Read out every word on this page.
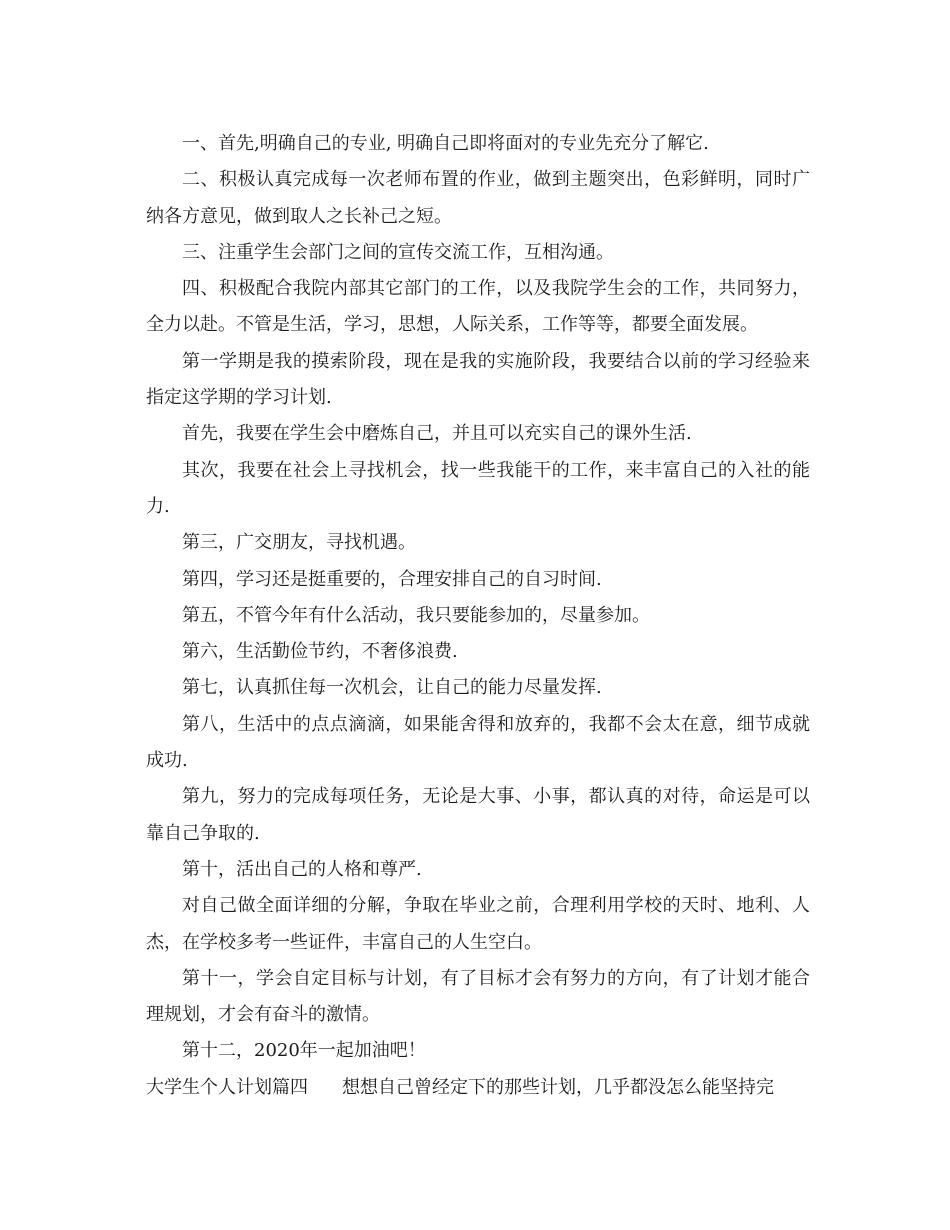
一、首先,明确自己的专业, 明确自己即将面对的专业先充分了解它.

二、积极认真完成每一次老师布置的作业，做到主题突出，色彩鲜明，同时广纳各方意见，做到取人之长补己之短。

三、注重学生会部门之间的宣传交流工作，互相沟通。

四、积极配合我院内部其它部门的工作，以及我院学生会的工作，共同努力，全力以赴。不管是生活，学习，思想，人际关系，工作等等，都要全面发展。

第一学期是我的摸索阶段，现在是我的实施阶段，我要结合以前的学习经验来指定这学期的学习计划.

首先，我要在学生会中磨炼自己，并且可以充实自己的课外生活.

其次，我要在社会上寻找机会，找一些我能干的工作，来丰富自己的入社的能力.

第三，广交朋友，寻找机遇。

第四，学习还是挺重要的，合理安排自己的自习时间.

第五，不管今年有什么活动，我只要能参加的，尽量参加。

第六，生活勤俭节约，不奢侈浪费.

第七，认真抓住每一次机会，让自己的能力尽量发挥.

第八，生活中的点点滴滴，如果能舍得和放弃的，我都不会太在意，细节成就成功.

第九，努力的完成每项任务，无论是大事、小事，都认真的对待，命运是可以靠自己争取的.

第十，活出自己的人格和尊严.

对自己做全面详细的分解，争取在毕业之前，合理利用学校的天时、地利、人杰，在学校多考一些证件，丰富自己的人生空白。

第十一，学会自定目标与计划，有了目标才会有努力的方向，有了计划才能合理规划，才会有奋斗的激情。

第十二，2020年一起加油吧！

大学生个人计划篇四 想想自己曾经定下的那些计划，几乎都没怎么能坚持完
